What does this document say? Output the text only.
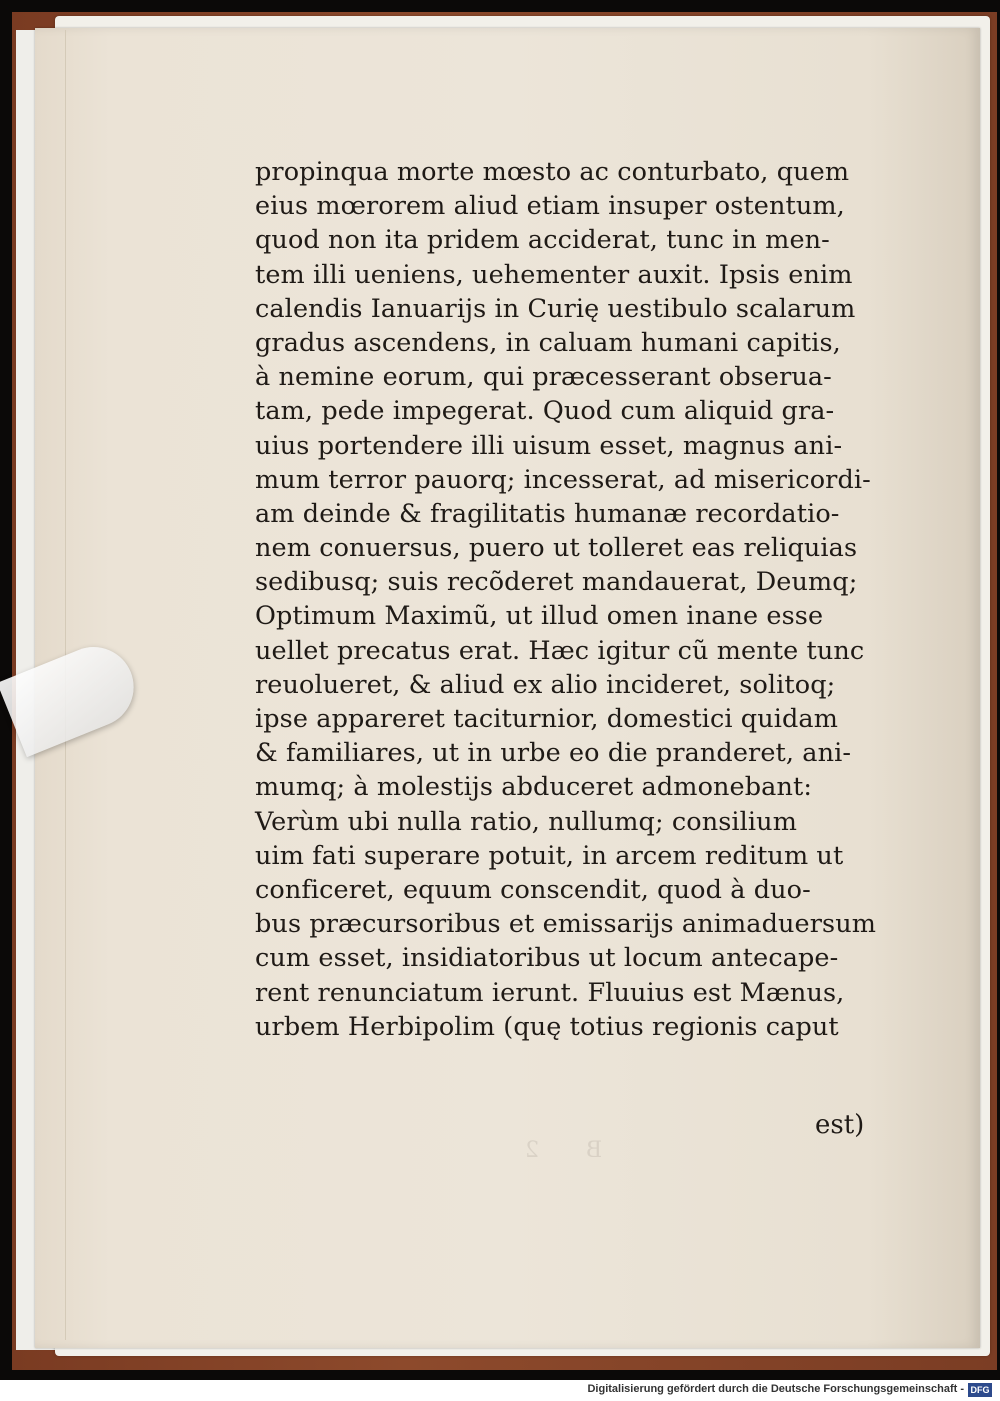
B 2
propinqua morte mœsto ac conturbato, quem
eius mœrorem aliud etiam insuper ostentum,
quod non ita pridem acciderat, tunc in men-
tem illi ueniens, uehementer auxit. Ipsis enim
calendis Ianuarijs in Curię uestibulo scalarum
gradus ascendens, in caluam humani capitis,
à nemine eorum, qui præcesserant obserua-
tam, pede impegerat. Quod cum aliquid gra-
uius portendere illi uisum esset, magnus ani-
mum terror pauorq; incesserat, ad misericordi-
am deinde & fragilitatis humanæ recordatio-
nem conuersus, puero ut tolleret eas reliquias
sedibusq; suis recõderet mandauerat, Deumq;
Optimum Maximũ, ut illud omen inane esse
uellet precatus erat. Hæc igitur cũ mente tunc
reuolueret, & aliud ex alio incideret, solitoq;
ipse appareret taciturnior, domestici quidam
& familiares, ut in urbe eo die pranderet, ani-
mumq; à molestijs abduceret admonebant:
Verùm ubi nulla ratio, nullumq; consilium
uim fati superare potuit, in arcem reditum ut
conficeret, equum conscendit, quod à duo-
bus præcursoribus et emissarijs animaduersum
cum esset, insidiatoribus ut locum antecape-
rent renunciatum ierunt. Fluuius est Mænus,
urbem Herbipolim (quę totius regionis caput
est)
Digitalisierung gefördert durch die Deutsche Forschungsgemeinschaft - DFG
